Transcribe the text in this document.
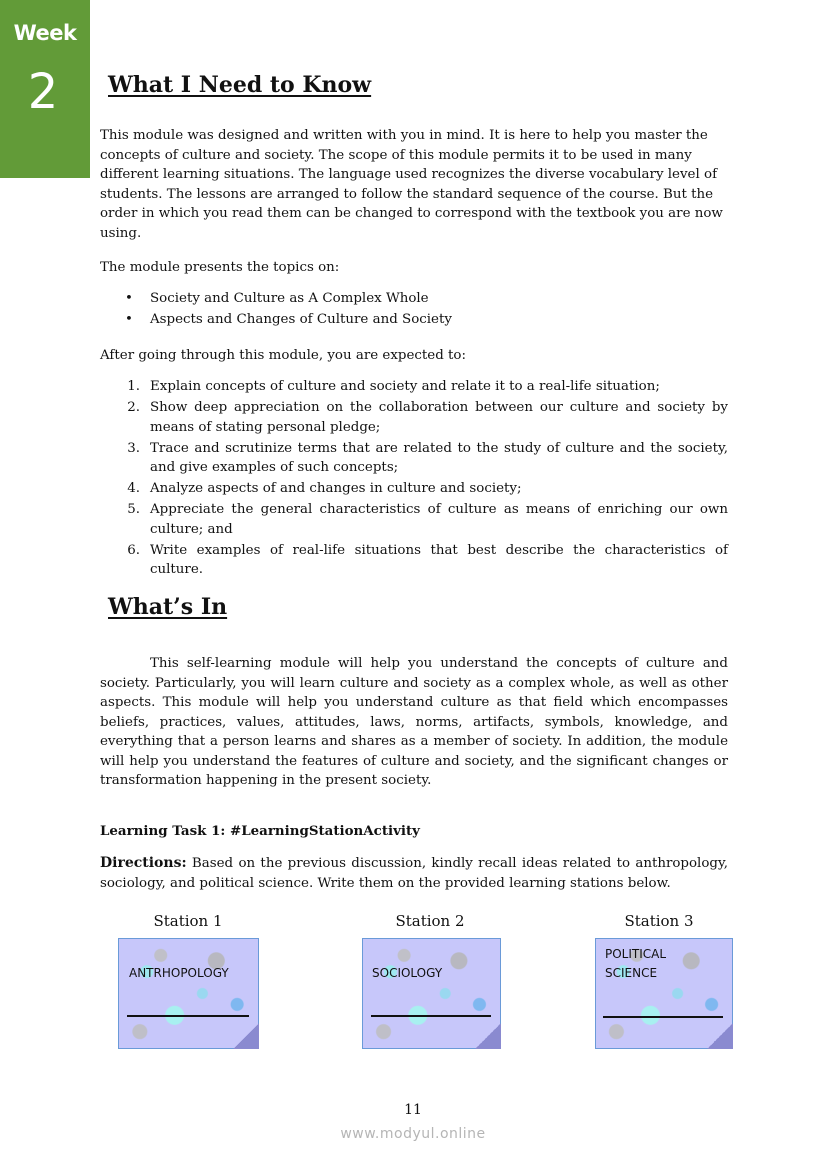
Week
2	What I Need to Know

This module was designed and written with you in mind. It is here to help you master the concepts of culture and society. The scope of this module permits it to be used in many different learning situations. The language used recognizes the diverse vocabulary level of students. The lessons are arranged to follow the standard sequence of the course. But the order in which you read them can be changed to correspond with the textbook you are now using.

The module presents the topics on:

•	Society and Culture as A Complex Whole
•	Aspects and Changes of Culture and Society

After going through this module, you are expected to:

1. Explain concepts of culture and society and relate it to a real-life situation;
2. Show deep appreciation on the collaboration between our culture and society by means of stating personal pledge;
3. Trace and scrutinize terms that are related to the study of culture and the society, and give examples of such concepts;
4. Analyze aspects of and changes in culture and society;
5. Appreciate the general characteristics of culture as means of enriching our own culture; and
6. Write examples of real-life situations that best describe the characteristics of culture.
What’s In

This self-learning module will help you understand the concepts of culture and society. Particularly, you will learn culture and society as a complex whole, as well as other aspects. This module will help you understand culture as that field which encompasses beliefs, practices, values, attitudes, laws, norms, artifacts, symbols, knowledge, and everything that a person learns and shares as a member of society. In addition, the module will help you understand the features of culture and society, and the significant changes or transformation happening in the present society.

Learning Task 1: #LearningStationActivity

Directions: Based on the previous discussion, kindly recall ideas related to anthropology, sociology, and political science. Write them on the provided learning stations below.

Station 1	Station 2	Station 3
ANTRHOPOLOGY	SOCIOLOGY
POLITICAL
SCIENCE
11
www.modyul.online
